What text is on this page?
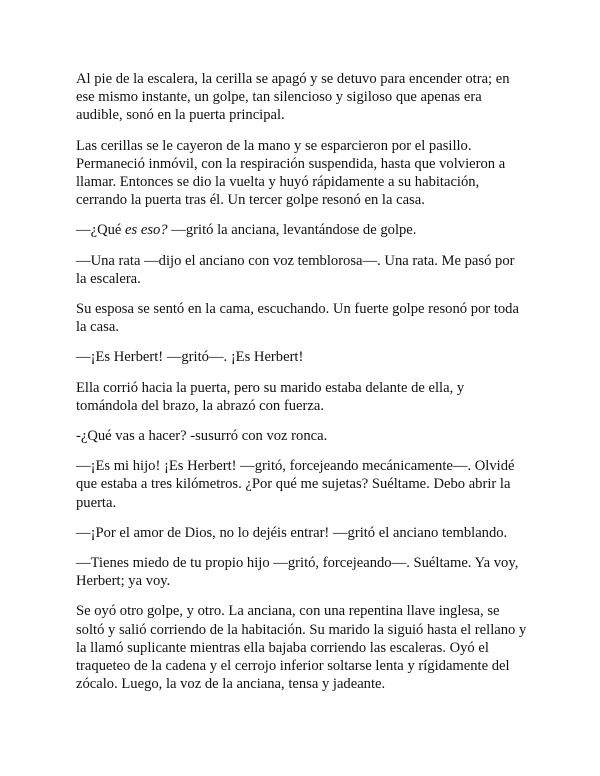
Al pie de la escalera, la cerilla se apagó y se detuvo para encender otra; en ese mismo instante, un golpe, tan silencioso y sigiloso que apenas era audible, sonó en la puerta principal.

Las cerillas se le cayeron de la mano y se esparcieron por el pasillo. Permaneció inmóvil, con la respiración suspendida, hasta que volvieron a llamar. Entonces se dio la vuelta y huyó rápidamente a su habitación, cerrando la puerta tras él. Un tercer golpe resonó en la casa.

—¿Qué es eso? —gritó la anciana, levantándose de golpe.

—Una rata —dijo el anciano con voz temblorosa—. Una rata. Me pasó por la escalera.

Su esposa se sentó en la cama, escuchando. Un fuerte golpe resonó por toda la casa.

—¡Es Herbert! —gritó—. ¡Es Herbert!

Ella corrió hacia la puerta, pero su marido estaba delante de ella, y tomándola del brazo, la abrazó con fuerza.

-¿Qué vas a hacer? -susurró con voz ronca.

—¡Es mi hijo! ¡Es Herbert! —gritó, forcejeando mecánicamente—. Olvidé que estaba a tres kilómetros. ¿Por qué me sujetas? Suéltame. Debo abrir la puerta.

—¡Por el amor de Dios, no lo dejéis entrar! —gritó el anciano temblando.

—Tienes miedo de tu propio hijo —gritó, forcejeando—. Suéltame. Ya voy, Herbert; ya voy.

Se oyó otro golpe, y otro. La anciana, con una repentina llave inglesa, se soltó y salió corriendo de la habitación. Su marido la siguió hasta el rellano y la llamó suplicante mientras ella bajaba corriendo las escaleras. Oyó el traqueteo de la cadena y el cerrojo inferior soltarse lenta y rígidamente del zócalo. Luego, la voz de la anciana, tensa y jadeante.
